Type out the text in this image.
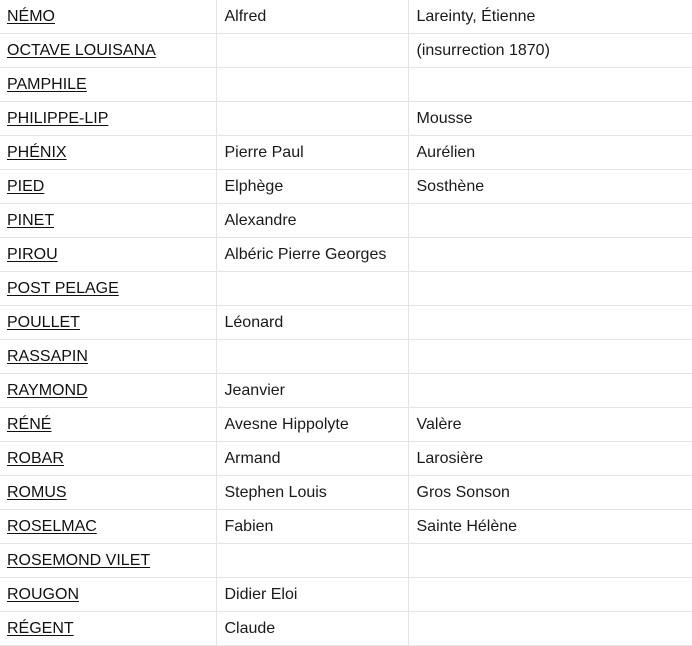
NÉMO	Alfred	Lareinty, Étienne
OCTAVE LOUISANA		(insurrection 1870)
PAMPHILE		
PHILIPPE-LIP		Mousse
PHÉNIX	Pierre Paul	Aurélien
PIED	Elphège	Sosthène
PINET	Alexandre	
PIROU	Albéric Pierre Georges	
POST PELAGE		
POULLET	Léonard	
RASSAPIN		
RAYMOND	Jeanvier	
RÉNÉ	Avesne Hippolyte	Valère
ROBAR	Armand	Larosière
ROMUS	Stephen Louis	Gros Sonson
ROSELMAC	Fabien	Sainte Hélène
ROSEMOND VILET		
ROUGON	Didier Eloi	
RÉGENT	Claude	
